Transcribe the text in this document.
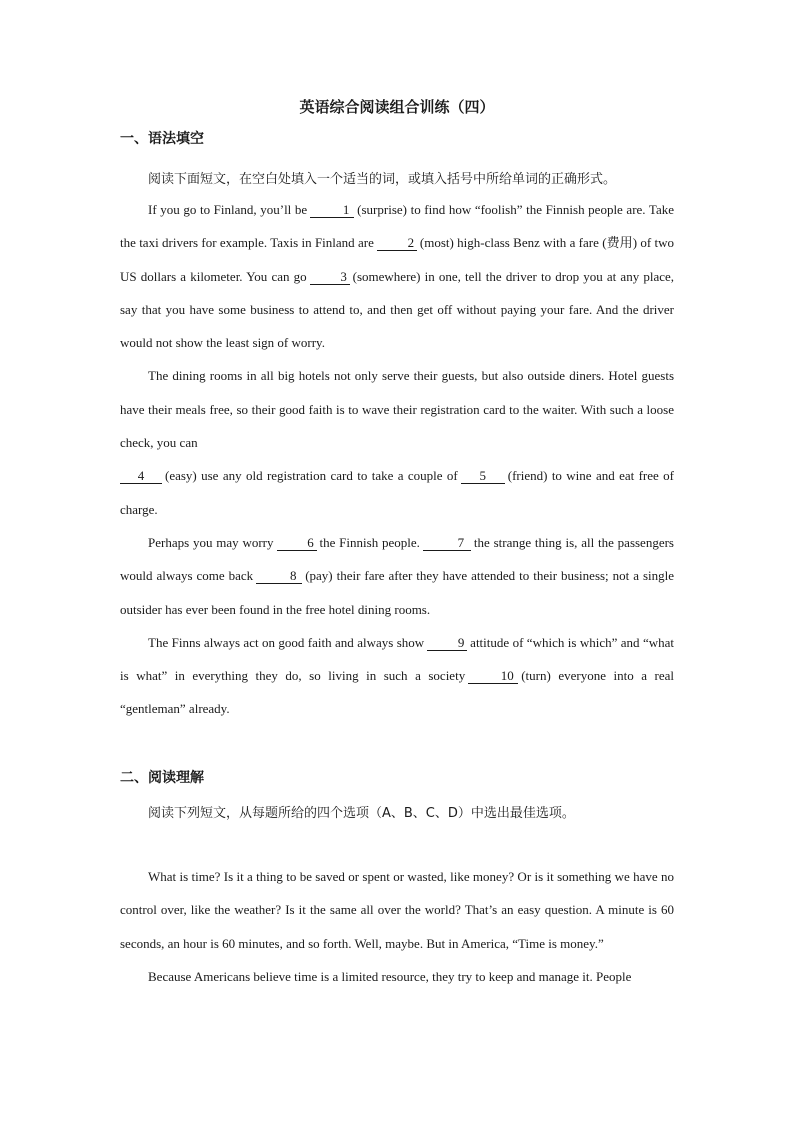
英语综合阅读组合训练（四）
一、语法填空
阅读下面短文，在空白处填入一个适当的词，或填入括号中所给单词的正确形式。

If you go to Finland, you’ll be	1 (surprise) to find how “foolish” the Finnish people are. Take the taxi drivers for example. Taxis in Finland are	2 (most) high-class Benz with a fare (费用) of two US dollars a kilometer. You can go	3 (somewhere) in one, tell the driver to drop you at any place, say that you have some business to attend to, and then get off without paying your fare. And the driver would not show the least sign of worry.

The dining rooms in all big hotels not only serve their guests, but also outside diners. Hotel guests have their meals free, so their good faith is to wave their registration card to the waiter. With such a loose check, you can

4 (easy) use any old registration card to take a couple of 5 (friend) to wine and eat free of charge.

Perhaps you may worry	6 the Finnish people.	7 the strange thing is, all the passengers would always come back	8 (pay) their fare after they have attended to their business; not a single outsider has ever been found in the free hotel dining rooms.

The Finns always act on good faith and always show	9 attitude of “which is which” and “what is what” in everything they do, so living in such a society	10 (turn) everyone into a real “gentleman” already.

二、阅读理解
阅读下列短文，从每题所给的四个选项（A、B、C、D）中选出最佳选项。

What is time? Is it a thing to be saved or spent or wasted, like money? Or is it something we have no control over, like the weather? Is it the same all over the world? That’s an easy question. A minute is 60 seconds, an hour is 60 minutes, and so forth. Well, maybe. But in America, “Time is money.”

Because Americans believe time is a limited resource, they try to keep and manage it. People
